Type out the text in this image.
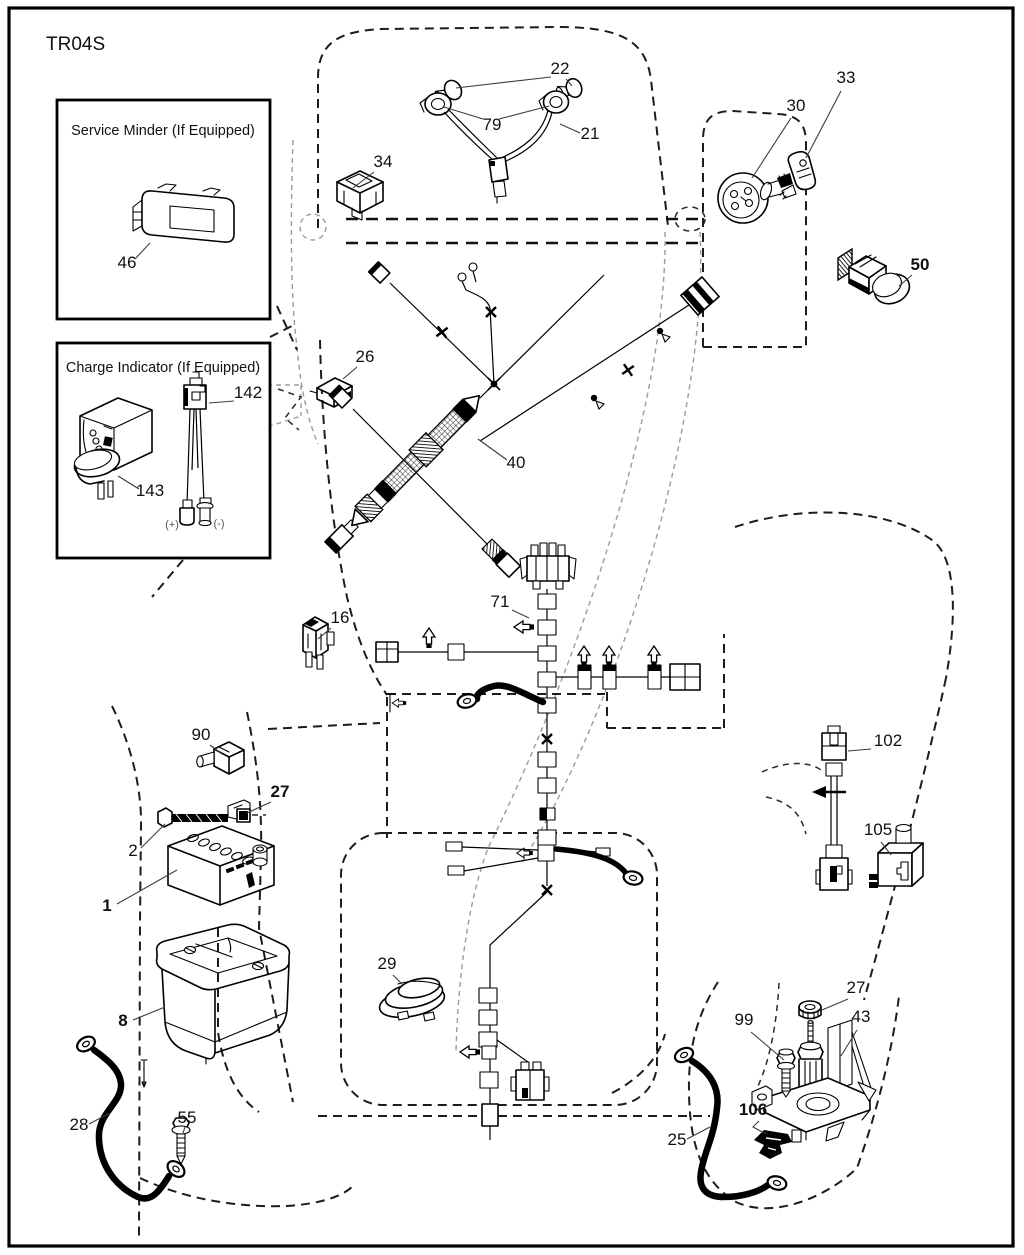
TR04S
Service Minder (If Equipped)
Charge Indicator (If Equipped)
(+)	(-)
22
79	21
34
30
33
50
26
142
143
46
40
16
71
90
27
2
1
8
29
28	55
102
105
27
43
99
106
25
